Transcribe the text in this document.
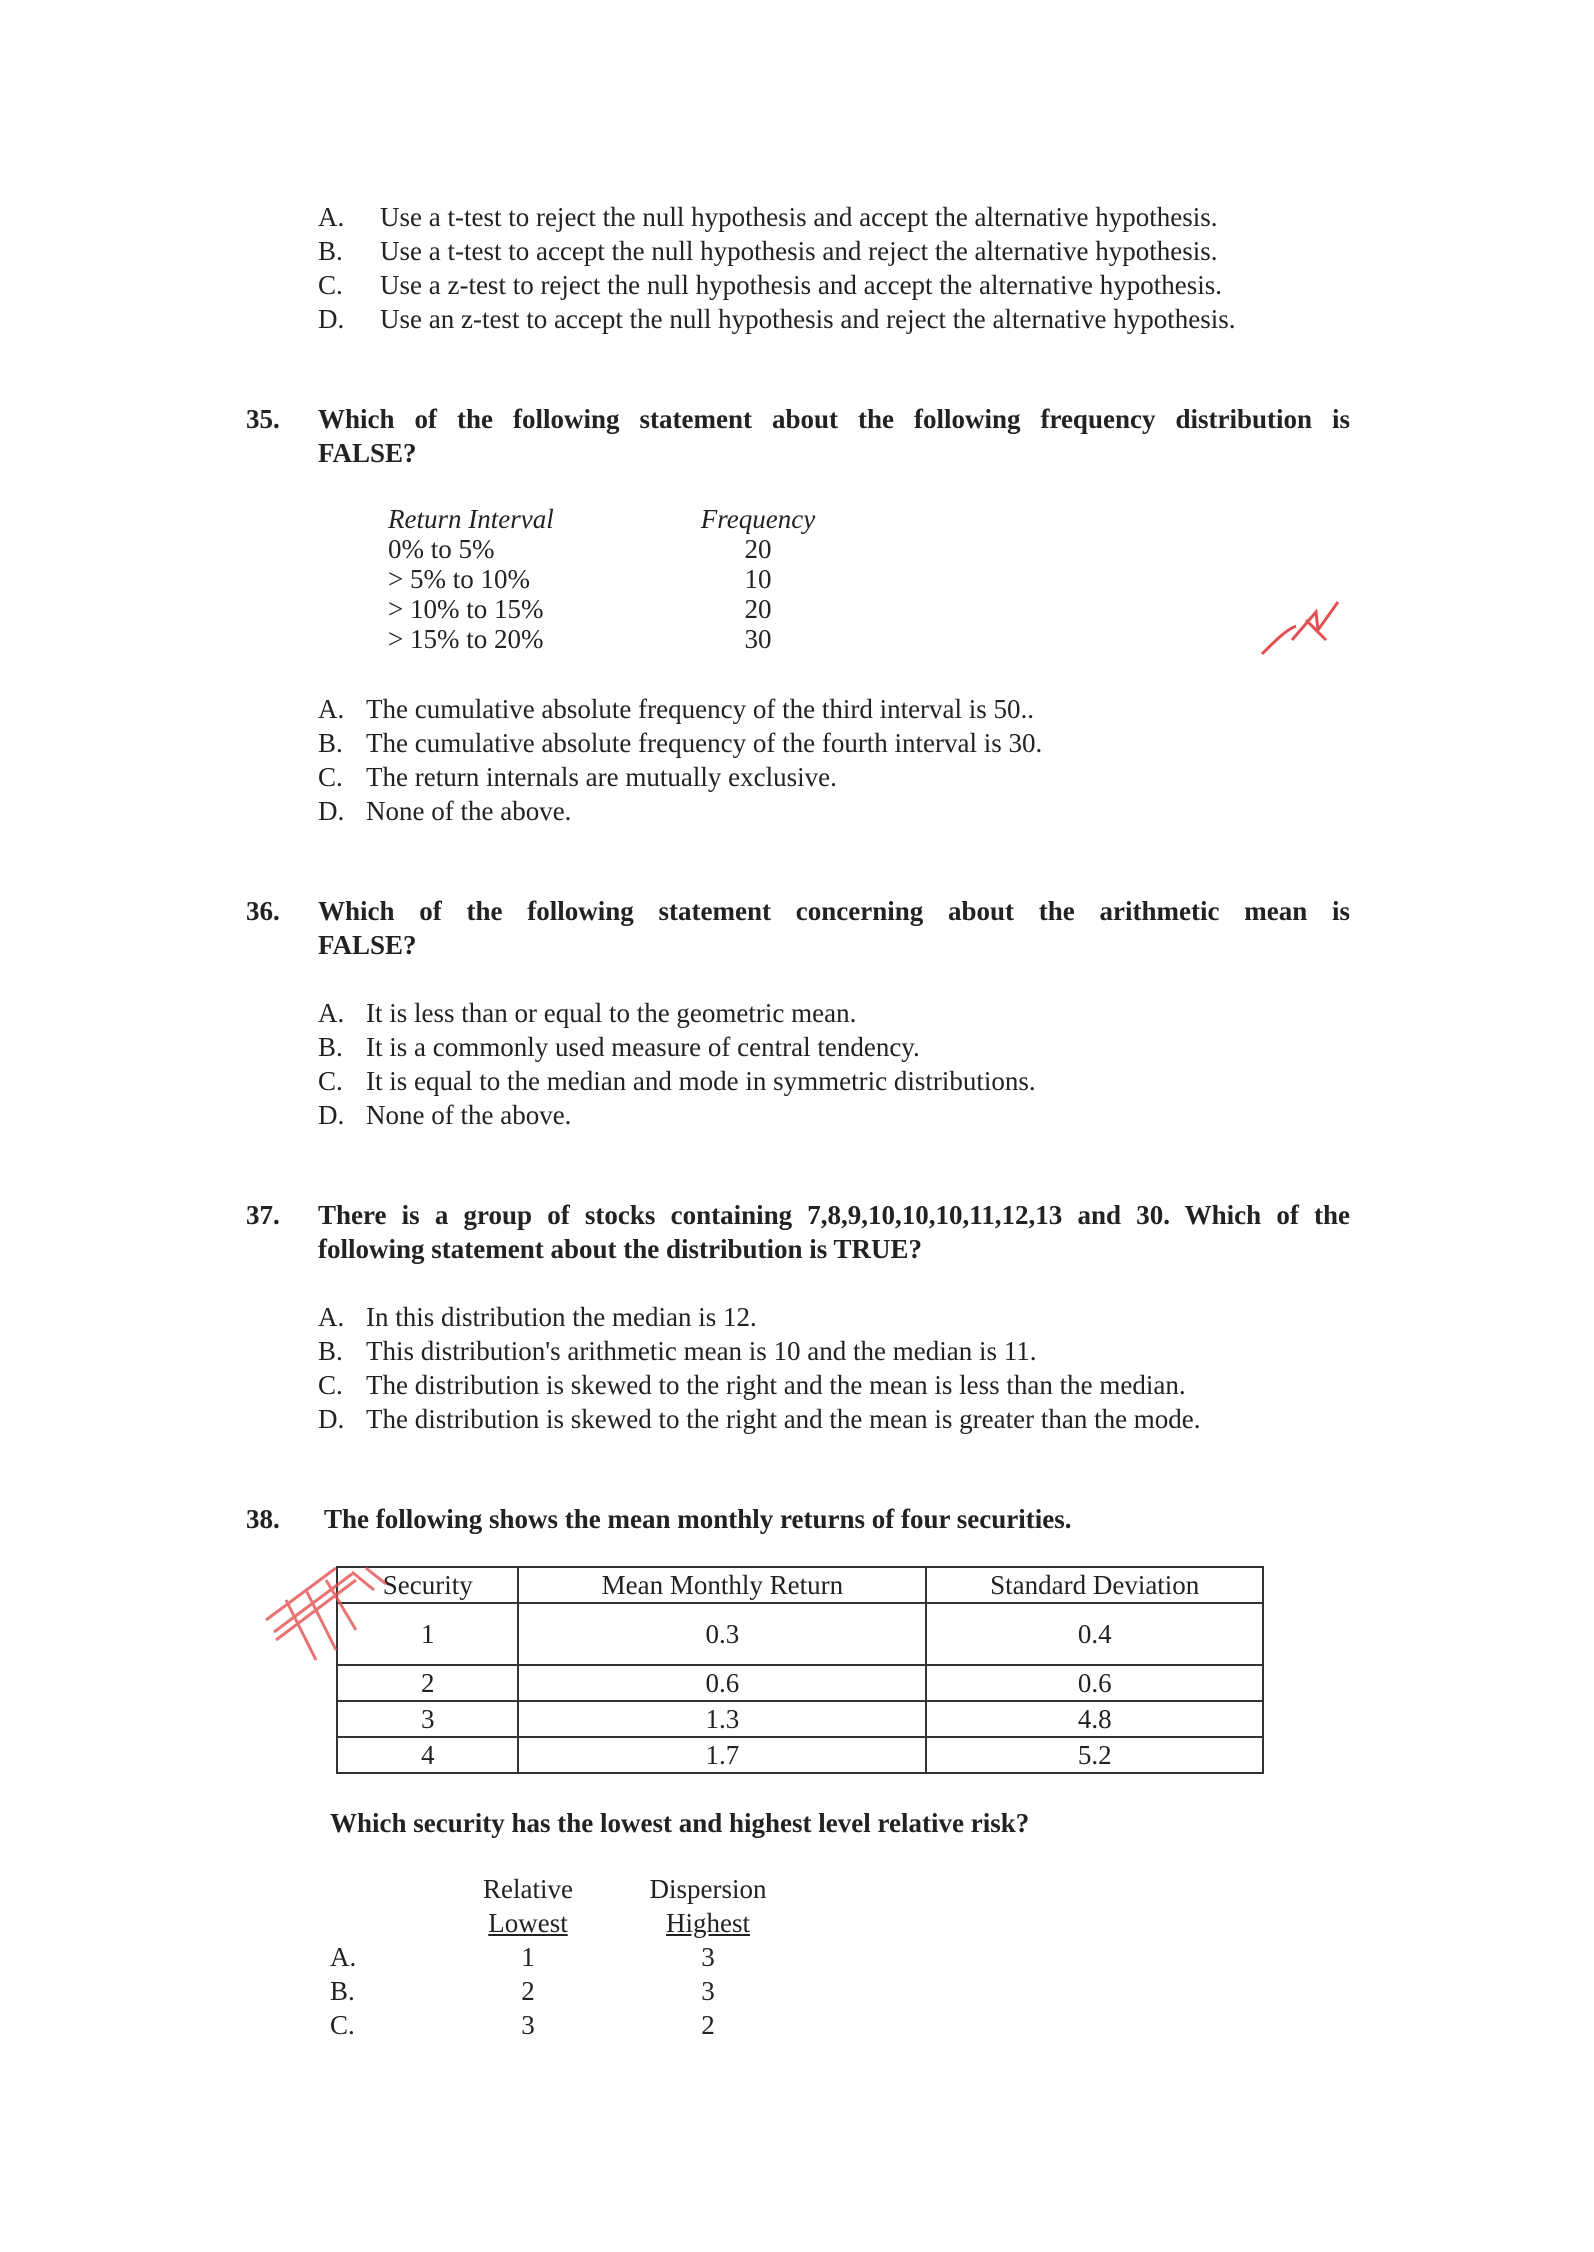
A.	Use a t-test to reject the null hypothesis and accept the alternative hypothesis.
B.	Use a t-test to accept the null hypothesis and reject the alternative hypothesis.
C.	Use a z-test to reject the null hypothesis and accept the alternative hypothesis.
D.	Use an z-test to accept the null hypothesis and reject the alternative hypothesis.
35.	Which of the following statement about the following frequency distribution is
FALSE?
Return Interval	Frequency
0% to 5%	20
> 5% to 10%	10
> 10% to 15%	20
> 15% to 20%	30
A. The cumulative absolute frequency of the third interval is 50..
B. The cumulative absolute frequency of the fourth interval is 30.
C. The return internals are mutually exclusive.
D. None of the above.
36.	Which of the following statement concerning about the arithmetic mean is
FALSE?
A. It is less than or equal to the geometric mean.
B. It is a commonly used measure of central tendency.
C. It is equal to the median and mode in symmetric distributions.
D. None of the above.
37.	There is a group of stocks containing 7,8,9,10,10,10,11,12,13 and 30. Which of the
following statement about the distribution is TRUE?
A. In this distribution the median is 12.
B. This distribution's arithmetic mean is 10 and the median is 11.
C. The distribution is skewed to the right and the mean is less than the median.
D. The distribution is skewed to the right and the mean is greater than the mode.
38.	The following shows the mean monthly returns of four securities.
Security	Mean Monthly Return	Standard Deviation
1	0.3	0.4
2	0.6	0.6
3	1.3	4.8
4	1.7	5.2
Which security has the lowest and highest level relative risk?
Relative	Dispersion
Lowest	Highest
A.	1	3
B.	2	3
C.	3	2
